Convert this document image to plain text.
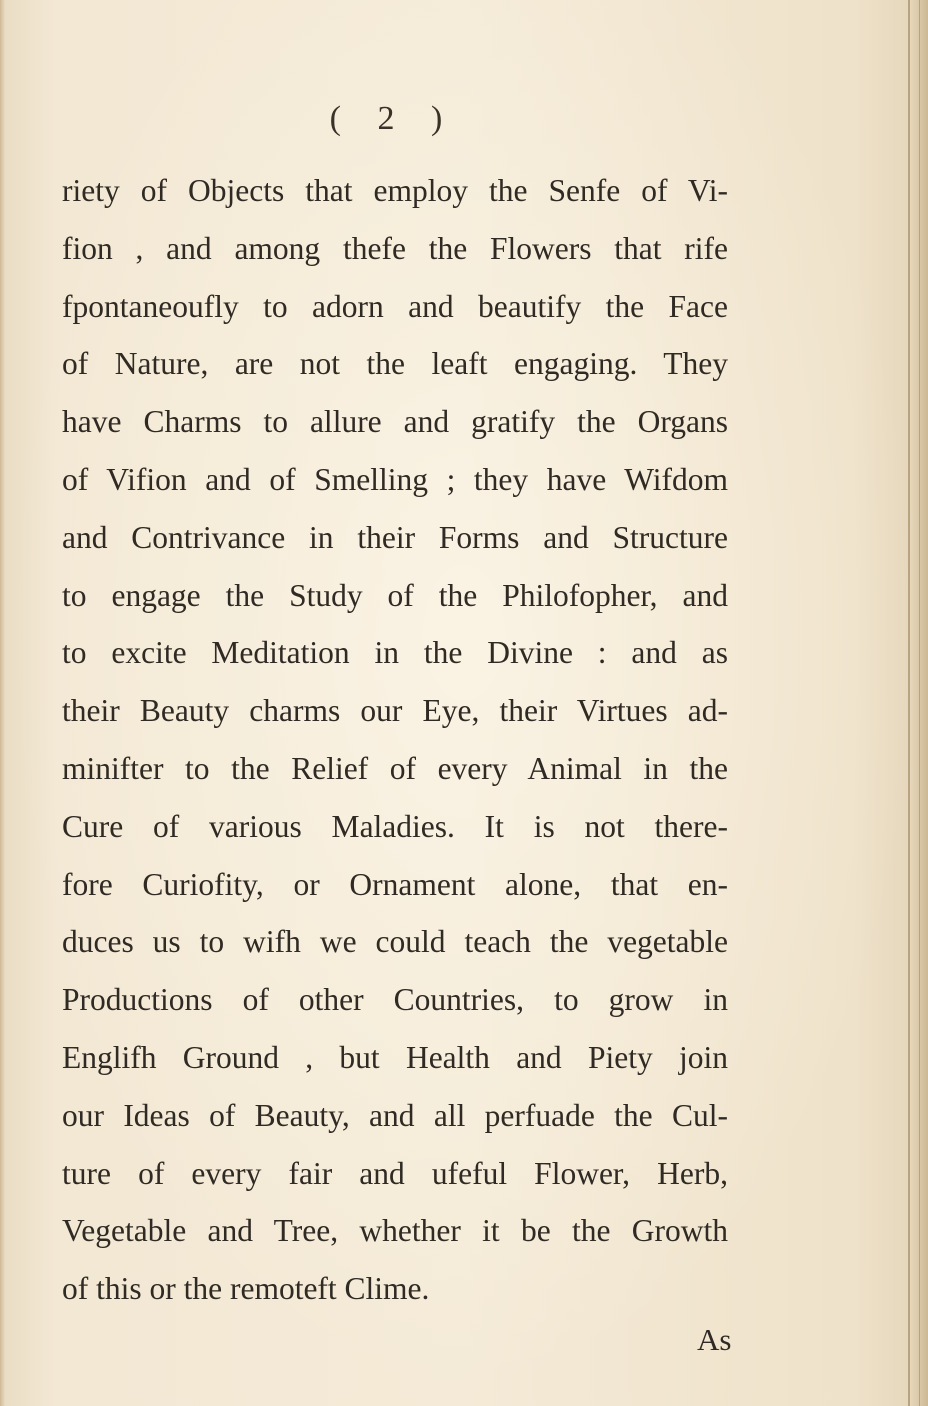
( 2 )

riety of Objects that employ the Senfe of Vi-
fion , and among thefe the Flowers that rife
fpontaneoufly to adorn and beautify the Face
of Nature, are not the leaft engaging. They
have Charms to allure and gratify the Organs
of Vifion and of Smelling ; they have Wifdom
and Contrivance in their Forms and Structure
to engage the Study of the Philofopher, and
to excite Meditation in the Divine : and as
their Beauty charms our Eye, their Virtues ad-
minifter to the Relief of every Animal in the
Cure of various Maladies. It is not there-
fore Curiofity, or Ornament alone, that en-
duces us to wifh we could teach the vegetable
Productions of other Countries, to grow in
Englifh Ground , but Health and Piety join
our Ideas of Beauty, and all perfuade the Cul-
ture of every fair and ufeful Flower, Herb,
Vegetable and Tree, whether it be the Growth
of this or the remoteft Clime.

As
